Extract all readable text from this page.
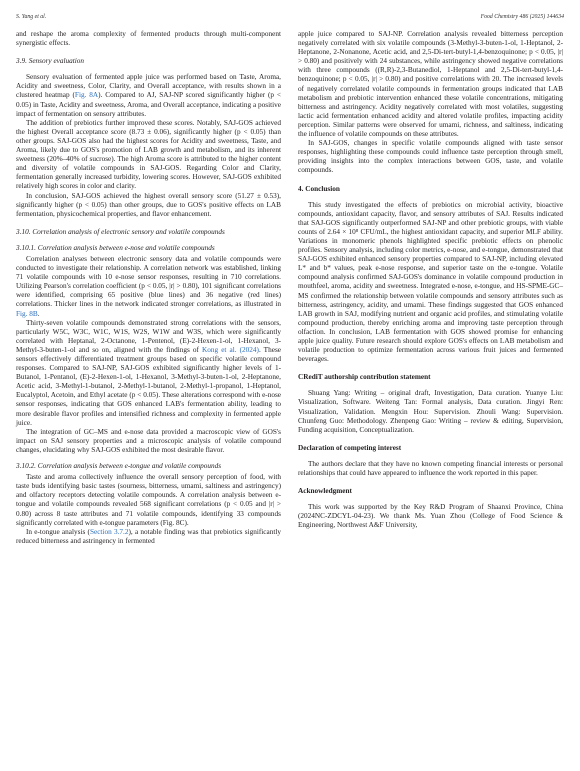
S. Yang et al.	Food Chemistry 486 (2025) 144634

and reshape the aroma complexity of fermented products through multi-component synergistic effects.

3.9. Sensory evaluation

Sensory evaluation of fermented apple juice was performed based on Taste, Aroma, Acidity and sweetness, Color, Clarity, and Overall acceptance, with results shown in a clustered heatmap (Fig. 8A). Compared to AJ, SAJ-NP scored significantly higher (p < 0.05) in Taste, Acidity and sweetness, Aroma, and Overall acceptance, indicating a positive impact of fermentation on sensory attributes.

The addition of prebiotics further improved these scores. Notably, SAJ-GOS achieved the highest Overall acceptance score (8.73 ± 0.06), significantly higher (p < 0.05) than other groups. SAJ-GOS also had the highest scores for Acidity and sweetness, Taste, and Aroma, likely due to GOS's promotion of LAB growth and metabolism, and its inherent sweetness (20%–40% of sucrose). The high Aroma score is attributed to the higher content and diversity of volatile compounds in SAJ-GOS. Regarding Color and Clarity, fermentation generally increased turbidity, lowering scores. However, SAJ-GOS exhibited relatively high scores in color and clarity.

In conclusion, SAJ-GOS achieved the highest overall sensory score (51.27 ± 0.53), significantly higher (p < 0.05) than other groups, due to GOS's positive effects on LAB fermentation, physicochemical properties, and flavor enhancement.

3.10. Correlation analysis of electronic sensory and volatile compounds
3.10.1. Correlation analysis between e-nose and volatile compounds

Correlation analyses between electronic sensory data and volatile compounds were conducted to investigate their relationship. A correlation network was established, linking 71 volatile compounds with 10 e-nose sensor responses, resulting in 710 correlations. Utilizing Pearson's correlation coefficient (p < 0.05, |r| > 0.80), 101 significant correlations were identified, comprising 65 positive (blue lines) and 36 negative (red lines) correlations. Thicker lines in the network indicated stronger correlations, as illustrated in Fig. 8B.

Thirty-seven volatile compounds demonstrated strong correlations with the sensors, particularly W5C, W3C, W1C, W1S, W2S, W1W and W3S, which were significantly correlated with Heptanal, 2-Octanone, 1-Pentenol, (E)-2-Hexen-1-ol, 1-Hexanol, 3-Methyl-3-buten-1-ol and so on, aligned with the findings of Kong et al. (2024). These sensors effectively differentiated treatment groups based on specific volatile compound responses. Compared to SAJ-NP, SAJ-GOS exhibited significantly higher levels of 1-Butanol, 1-Pentanol, (E)-2-Hexen-1-ol, 1-Hexanol, 3-Methyl-3-buten-1-ol, 2-Heptanone, Acetic acid, 3-Methyl-1-butanol, 2-Methyl-1-butanol, 2-Methyl-1-propanol, 1-Heptanol, Eucalyptol, Acetoin, and Ethyl acetate (p < 0.05). These alterations correspond with e-nose sensor responses, indicating that GOS enhanced LAB's fermentation ability, leading to more desirable flavor profiles and intensified richness and complexity in fermented apple juice.

The integration of GC–MS and e-nose data provided a macroscopic view of GOS's impact on SAJ sensory properties and a microscopic analysis of volatile compound changes, elucidating why SAJ-GOS exhibited the most desirable flavor.

3.10.2. Correlation analysis between e-tongue and volatile compounds

Taste and aroma collectively influence the overall sensory perception of food, with taste buds identifying basic tastes (sourness, bitterness, umami, saltiness and astringency) and olfactory receptors detecting volatile compounds. A correlation analysis between e-tongue and volatile compounds revealed 568 significant correlations (p < 0.05 and |r| > 0.80) across 8 taste attributes and 71 volatile compounds, identifying 33 compounds significantly correlated with e-tongue parameters (Fig. 8C).

In e-tongue analysis (Section 3.7.2), a notable finding was that prebiotics significantly reduced bitterness and astringency in fermented

apple juice compared to SAJ-NP. Correlation analysis revealed bitterness perception negatively correlated with six volatile compounds (3-Methyl-3-buten-1-ol, 1-Heptanol, 2-Heptanone, 2-Nonanone, Acetic acid, and 2,5-Di-tert-butyl-1,4-benzoquinone; p < 0.05, |r| > 0.80) and positively with 24 substances, while astringency showed negative correlations with three compounds ((R,R)-2,3-Butanediol, 1-Heptanol and 2,5-Di-tert-butyl-1,4-benzoquinone; p < 0.05, |r| > 0.80) and positive correlations with 20. The increased levels of negatively correlated volatile compounds in fermentation groups indicated that LAB metabolism and prebiotic intervention enhanced these volatile concentrations, mitigating bitterness and astringency. Acidity negatively correlated with most volatiles, suggesting lactic acid fermentation enhanced acidity and altered volatile profiles, impacting acidity perception. Similar patterns were observed for umami, richness, and saltiness, indicating the influence of volatile compounds on these attributes.

In SAJ-GOS, changes in specific volatile compounds aligned with taste sensor responses, highlighting these compounds could influence taste perception through smell, providing insights into the complex interactions between GOS, taste, and volatile compounds.

4. Conclusion

This study investigated the effects of prebiotics on microbial activity, bioactive compounds, antioxidant capacity, flavor, and sensory attributes of SAJ. Results indicated that SAJ-GOS significantly outperformed SAJ-NP and other prebiotic groups, with viable counts of 2.64 × 10⁸ CFU/mL, the highest antioxidant capacity, and superior MLF ability. Variations in monomeric phenols highlighted specific prebiotic effects on phenolic profiles. Sensory analysis, including color metrics, e-nose, and e-tongue, demonstrated that SAJ-GOS exhibited enhanced sensory properties compared to SAJ-NP, including elevated L* and b* values, peak e-nose response, and superior taste on the e-tongue. Volatile compound analysis confirmed SAJ-GOS's dominance in volatile compound production in mouthfeel, aroma, acidity and sweetness. Integrated e-nose, e-tongue, and HS-SPME-GC–MS confirmed the relationship between volatile compounds and sensory attributes such as bitterness, astringency, acidity, and umami. These findings suggested that GOS enhanced LAB growth in SAJ, modifying nutrient and organic acid profiles, and stimulating volatile compound production, thereby enriching aroma and improving taste perception through olfaction. In conclusion, LAB fermentation with GOS showed promise for enhancing apple juice quality. Future research should explore GOS's effects on LAB metabolism and volatile production to optimize fermentation across various fruit juices and fermented beverages.

CRediT authorship contribution statement

Shuang Yang: Writing – original draft, Investigation, Data curation. Yuanye Liu: Visualization, Software. Weiteng Tan: Formal analysis, Data curation. Jingyi Ren: Visualization, Validation. Mengxin Hou: Supervision. Zhouli Wang: Supervision. Chunfeng Guo: Methodology. Zhenpeng Gao: Writing – review & editing, Supervision, Funding acquisition, Conceptualization.

Declaration of competing interest

The authors declare that they have no known competing financial interests or personal relationships that could have appeared to influence the work reported in this paper.

Acknowledgment

This work was supported by the Key R&D Program of Shaanxi Province, China (2024NC-ZDCYL-04-23). We thank Ms. Yuan Zhou (College of Food Science & Engineering, Northwest A&F University,
